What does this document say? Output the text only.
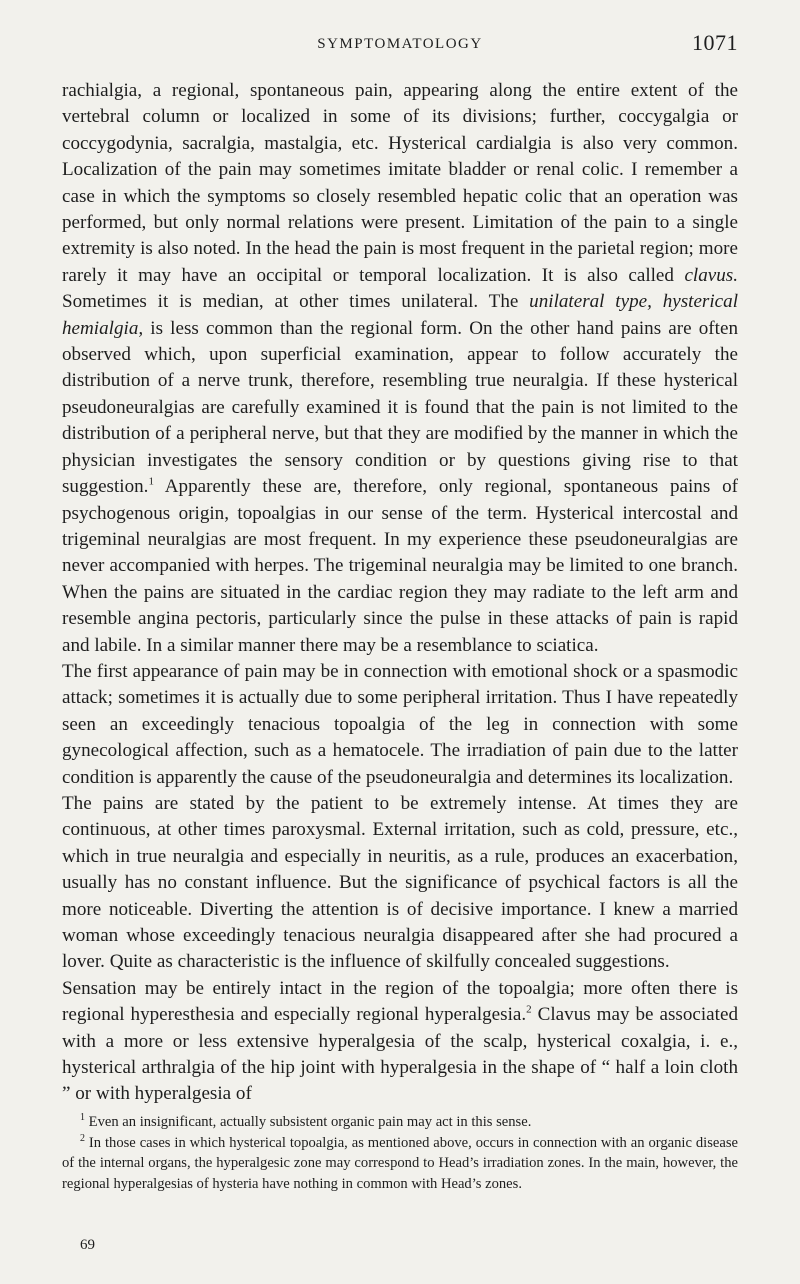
SYMPTOMATOLOGY	1071

rachialgia, a regional, spontaneous pain, appearing along the entire extent of the vertebral column or localized in some of its divisions; further, coccygalgia or coccygodynia, sacralgia, mastalgia, etc. Hysterical cardialgia is also very common. Localization of the pain may sometimes imitate bladder or renal colic. I remember a case in which the symptoms so closely resembled hepatic colic that an operation was performed, but only normal relations were present. Limitation of the pain to a single extremity is also noted. In the head the pain is most frequent in the parietal region; more rarely it may have an occipital or temporal localization. It is also called clavus. Sometimes it is median, at other times unilateral. The unilateral type, hysterical hemialgia, is less common than the regional form. On the other hand pains are often observed which, upon superficial examination, appear to follow accurately the distribution of a nerve trunk, therefore, resembling true neuralgia. If these hysterical pseudoneuralgias are carefully examined it is found that the pain is not limited to the distribution of a peripheral nerve, but that they are modified by the manner in which the physician investigates the sensory condition or by questions giving rise to that suggestion.$^1$ Apparently these are, therefore, only regional, spontaneous pains of psychogenous origin, topoalgias in our sense of the term. Hysterical intercostal and trigeminal neuralgias are most frequent. In my experience these pseudoneuralgias are never accompanied with herpes. The trigeminal neuralgia may be limited to one branch. When the pains are situated in the cardiac region they may radiate to the left arm and resemble angina pectoris, particularly since the pulse in these attacks of pain is rapid and labile. In a similar manner there may be a resemblance to sciatica.

The first appearance of pain may be in connection with emotional shock or a spasmodic attack; sometimes it is actually due to some peripheral irritation. Thus I have repeatedly seen an exceedingly tenacious topoalgia of the leg in connection with some gynecological affection, such as a hematocele. The irradiation of pain due to the latter condition is apparently the cause of the pseudoneuralgia and determines its localization.

The pains are stated by the patient to be extremely intense. At times they are continuous, at other times paroxysmal. External irritation, such as cold, pressure, etc., which in true neuralgia and especially in neuritis, as a rule, produces an exacerbation, usually has no constant influence. But the significance of psychical factors is all the more noticeable. Diverting the attention is of decisive importance. I knew a married woman whose exceedingly tenacious neuralgia disappeared after she had procured a lover. Quite as characteristic is the influence of skilfully concealed suggestions.

Sensation may be entirely intact in the region of the topoalgia; more often there is regional hyperesthesia and especially regional hyperalgesia.$^2$ Clavus may be associated with a more or less extensive hyperalgesia of the scalp, hysterical coxalgia, i. e., hysterical arthralgia of the hip joint with hyperalgesia in the shape of “ half a loin cloth ” or with hyperalgesia of

$^1$ Even an insignificant, actually subsistent organic pain may act in this sense.

$^2$ In those cases in which hysterical topoalgia, as mentioned above, occurs in connection with an organic disease of the internal organs, the hyperalgesic zone may correspond to Head’s irradiation zones. In the main, however, the regional hyperalgesias of hysteria have nothing in common with Head’s zones.

69
